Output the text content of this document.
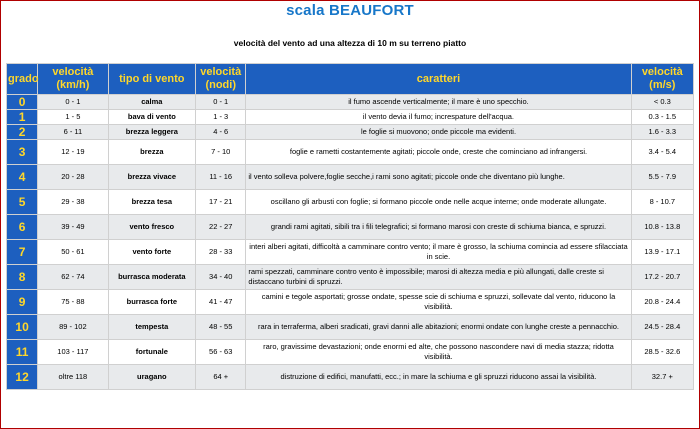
scala BEAUFORT
velocità del vento ad una altezza di 10 m su terreno piatto
grado	velocità (km/h)	tipo di vento	velocità (nodi)	caratteri	velocità (m/s)
0	0 - 1	calma	0 - 1	il fumo ascende verticalmente; il mare è uno specchio.	< 0.3
1	1 - 5	bava di vento	1 - 3	il vento devia il fumo; increspature dell'acqua.	0.3 - 1.5
2	6 - 11	brezza leggera	4 - 6	le foglie si muovono; onde piccole ma evidenti.	1.6 - 3.3
3	12 - 19	brezza	7 - 10	foglie e rametti costantemente agitati; piccole onde, creste che cominciano ad infrangersi.	3.4 - 5.4
4	20 - 28	brezza vivace	11 - 16	il vento solleva polvere,foglie secche,i rami sono agitati; piccole onde che diventano più lunghe.	5.5 - 7.9
5	29 - 38	brezza tesa	17 - 21	oscillano gli arbusti con foglie; si formano piccole onde nelle acque interne; onde moderate allungate.	8 - 10.7
6	39 - 49	vento fresco	22 - 27	grandi rami agitati, sibili tra i fili telegrafici; si formano marosi con creste di schiuma bianca, e spruzzi.	10.8 - 13.8
7	50 - 61	vento forte	28 - 33	interi alberi agitati, difficoltà a camminare contro vento; il mare è grosso, la schiuma comincia ad essere sfilacciata in scie.	13.9 - 17.1
8	62 - 74	burrasca moderata	34 - 40	rami spezzati, camminare contro vento è impossibile; marosi di altezza media e più allungati, dalle creste si distaccano turbini di spruzzi.	17.2 - 20.7
9	75 - 88	burrasca forte	41 - 47	camini e tegole asportati; grosse ondate, spesse scie di schiuma e spruzzi, sollevate dal vento, riducono la visibilità.	20.8 - 24.4
10	89 - 102	tempesta	48 - 55	rara in terraferma, alberi sradicati, gravi danni alle abitazioni; enormi ondate con lunghe creste a pennacchio.	24.5 - 28.4
11	103 - 117	fortunale	56 - 63	raro, gravissime devastazioni; onde enormi ed alte, che possono nascondere navi di media stazza; ridotta visibilità.	28.5 - 32.6
12	oltre 118	uragano	64 +	distruzione di edifici, manufatti, ecc.; in mare la schiuma e gli spruzzi riducono assai la visibilità.	32.7 +
